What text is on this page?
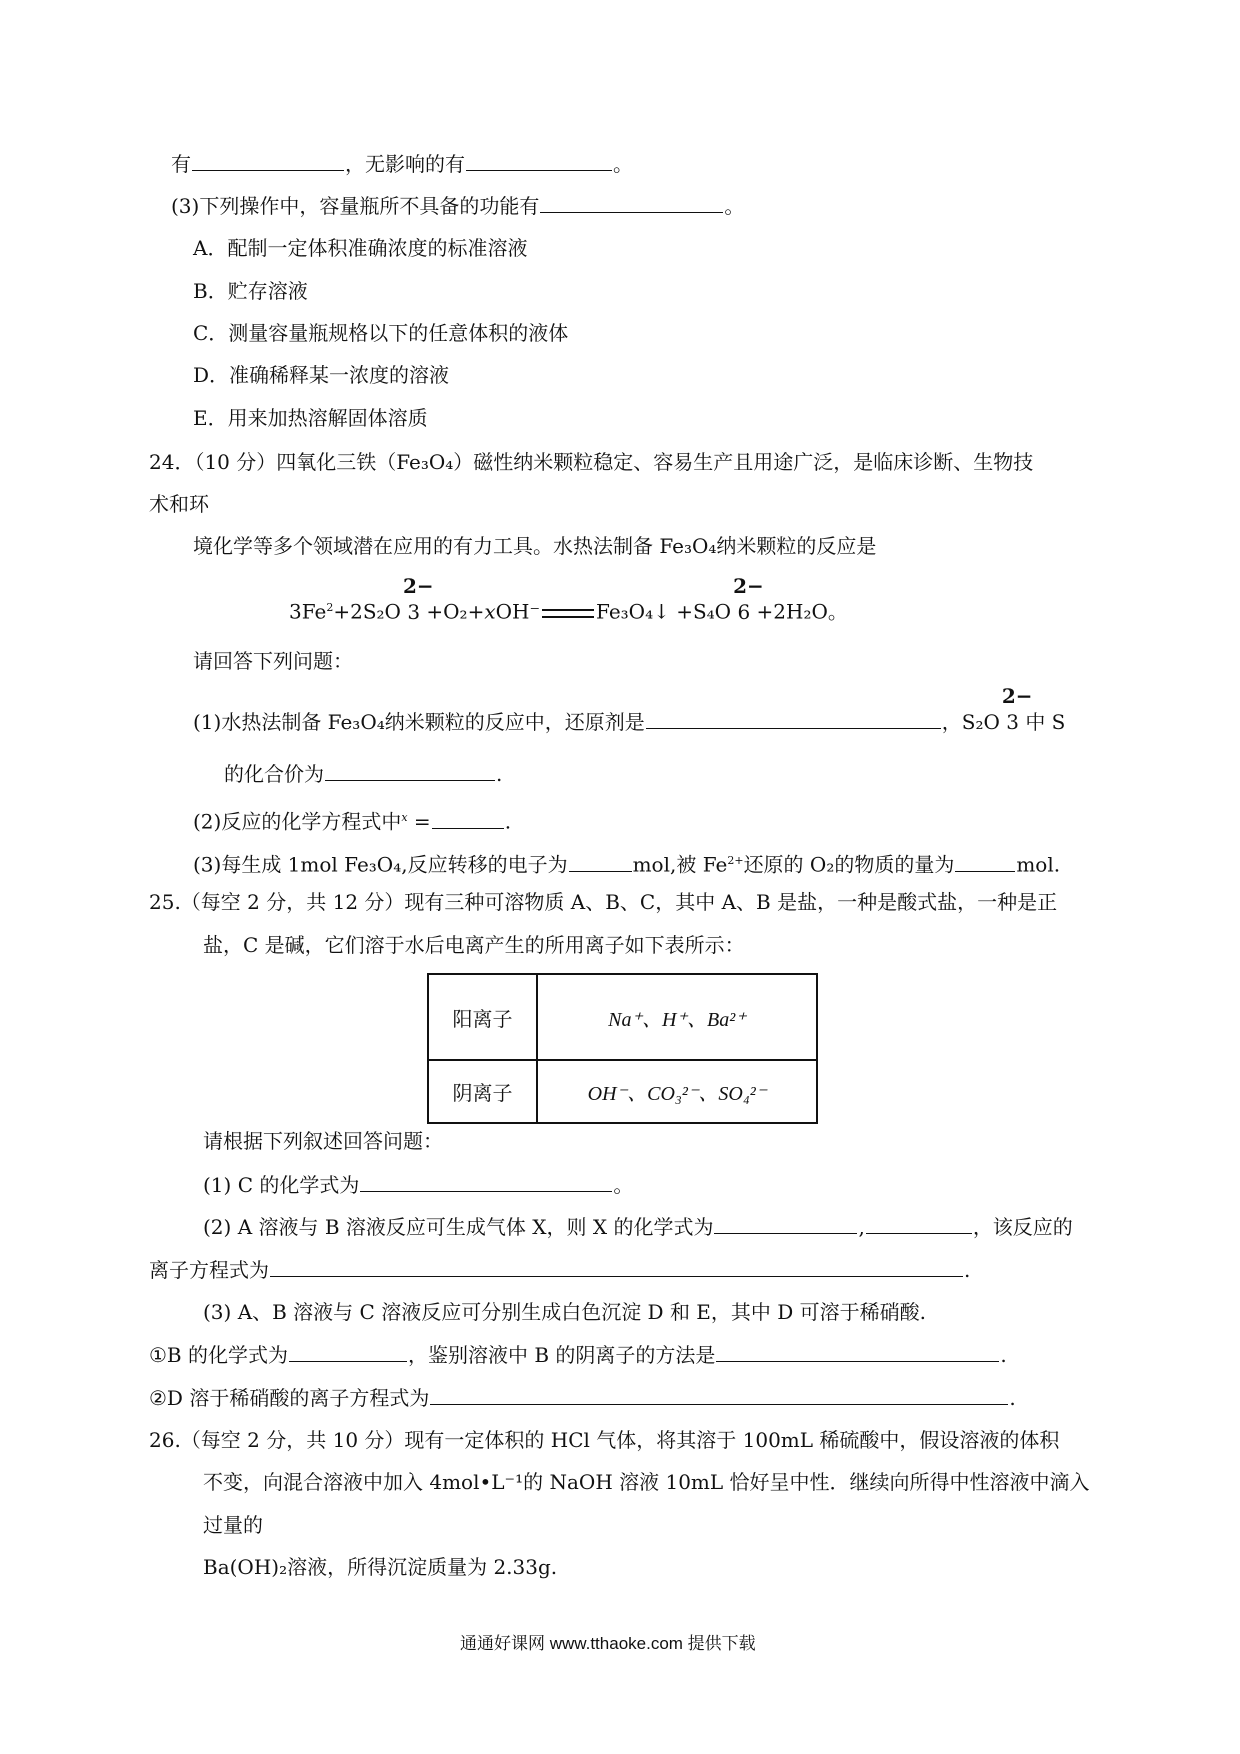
有	，无影响的有	。
(3)下列操作中，容量瓶所不具备的功能有	。
A．配制一定体积准确浓度的标准溶液
B．贮存溶液
C．测量容量瓶规格以下的任意体积的液体
D．准确稀释某一浓度的溶液
E．用来加热溶解固体溶质
24．（10 分）四氧化三铁（Fe₃O₄）磁性纳米颗粒稳定、容易生产且用途广泛，是临床诊断、生物技
术和环
境化学等多个领域潜在应用的有力工具。水热法制备 Fe₃O₄纳米颗粒的反应是
$3Fe^2+2S_2O$
2−
3 +O₂+xOH⁻	Fe₃O₄↓ +S₄O
2−
6 +2H₂O。
请回答下列问题：
(1)水热法制备 Fe₃O₄纳米颗粒的反应中，还原剂是	，S₂O
2−
3 中 S
的化合价为	.
(2)反应的化学方程式中$^x$ =	.
(3)每生成 1mol Fe₃O₄,反应转移的电子为	mol,被 $Fe^{2+}$还原的 O₂的物质的量为	mol.
25.（每空 2 分，共 12 分）现有三种可溶物质 A、B、C，其中 A、B 是盐，一种是酸式盐，一种是正
盐，C 是碱，它们溶于水后电离产生的所用离子如下表所示：
阳离子	Na⁺、H⁺、Ba²⁺
阴离子	OH⁻、CO₃²⁻、SO₄²⁻
请根据下列叙述回答问题：
(1) C 的化学式为	。
(2) A 溶液与 B 溶液反应可生成气体 X，则 X 的化学式为	,	，该反应的
离子方程式为	.
(3) A、B 溶液与 C 溶液反应可分别生成白色沉淀 D 和 E，其中 D 可溶于稀硝酸.
①B 的化学式为	，鉴别溶液中 B 的阴离子的方法是	.
②D 溶于稀硝酸的离子方程式为	.
26.（每空 2 分，共 10 分）现有一定体积的 HCl 气体，将其溶于 100mL 稀硫酸中，假设溶液的体积
不变，向混合溶液中加入 4mol•L⁻¹的 NaOH 溶液 10mL 恰好呈中性．继续向所得中性溶液中滴入
过量的
Ba(OH)₂溶液，所得沉淀质量为 2.33g.
通通好课网 www.tthaoke.com 提供下载
